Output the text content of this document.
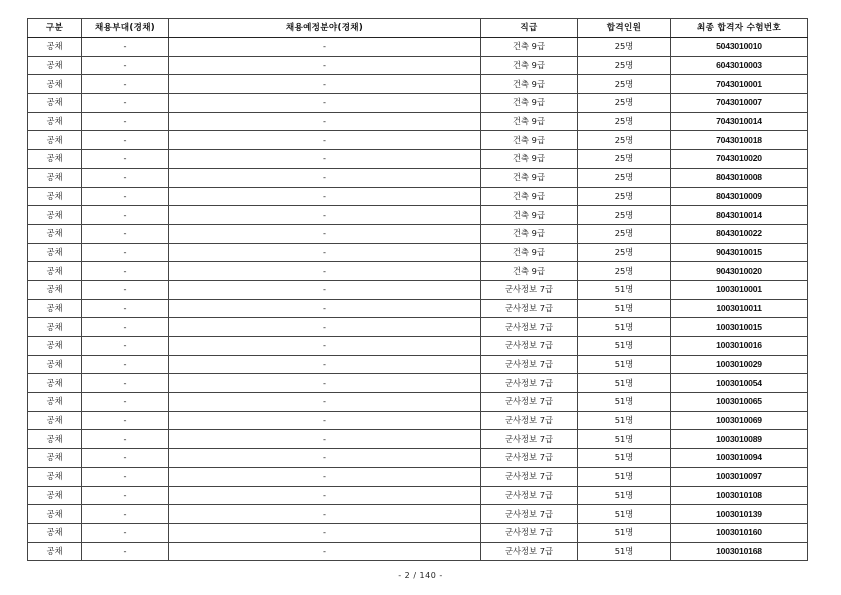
구분	채용부대(경채)	채용예정분야(경채)	직급	합격인원	최종 합격자 수험번호
공채	-	-	건축 9급	25명	5043010010
공채	-	-	건축 9급	25명	6043010003
공채	-	-	건축 9급	25명	7043010001
공채	-	-	건축 9급	25명	7043010007
공채	-	-	건축 9급	25명	7043010014
공채	-	-	건축 9급	25명	7043010018
공채	-	-	건축 9급	25명	7043010020
공채	-	-	건축 9급	25명	8043010008
공채	-	-	건축 9급	25명	8043010009
공채	-	-	건축 9급	25명	8043010014
공채	-	-	건축 9급	25명	8043010022
공채	-	-	건축 9급	25명	9043010015
공채	-	-	건축 9급	25명	9043010020
공채	-	-	군사정보 7급	51명	1003010001
공채	-	-	군사정보 7급	51명	1003010011
공채	-	-	군사정보 7급	51명	1003010015
공채	-	-	군사정보 7급	51명	1003010016
공채	-	-	군사정보 7급	51명	1003010029
공채	-	-	군사정보 7급	51명	1003010054
공채	-	-	군사정보 7급	51명	1003010065
공채	-	-	군사정보 7급	51명	1003010069
공채	-	-	군사정보 7급	51명	1003010089
공채	-	-	군사정보 7급	51명	1003010094
공채	-	-	군사정보 7급	51명	1003010097
공채	-	-	군사정보 7급	51명	1003010108
공채	-	-	군사정보 7급	51명	1003010139
공채	-	-	군사정보 7급	51명	1003010160
공채	-	-	군사정보 7급	51명	1003010168
- 2 / 140 -
